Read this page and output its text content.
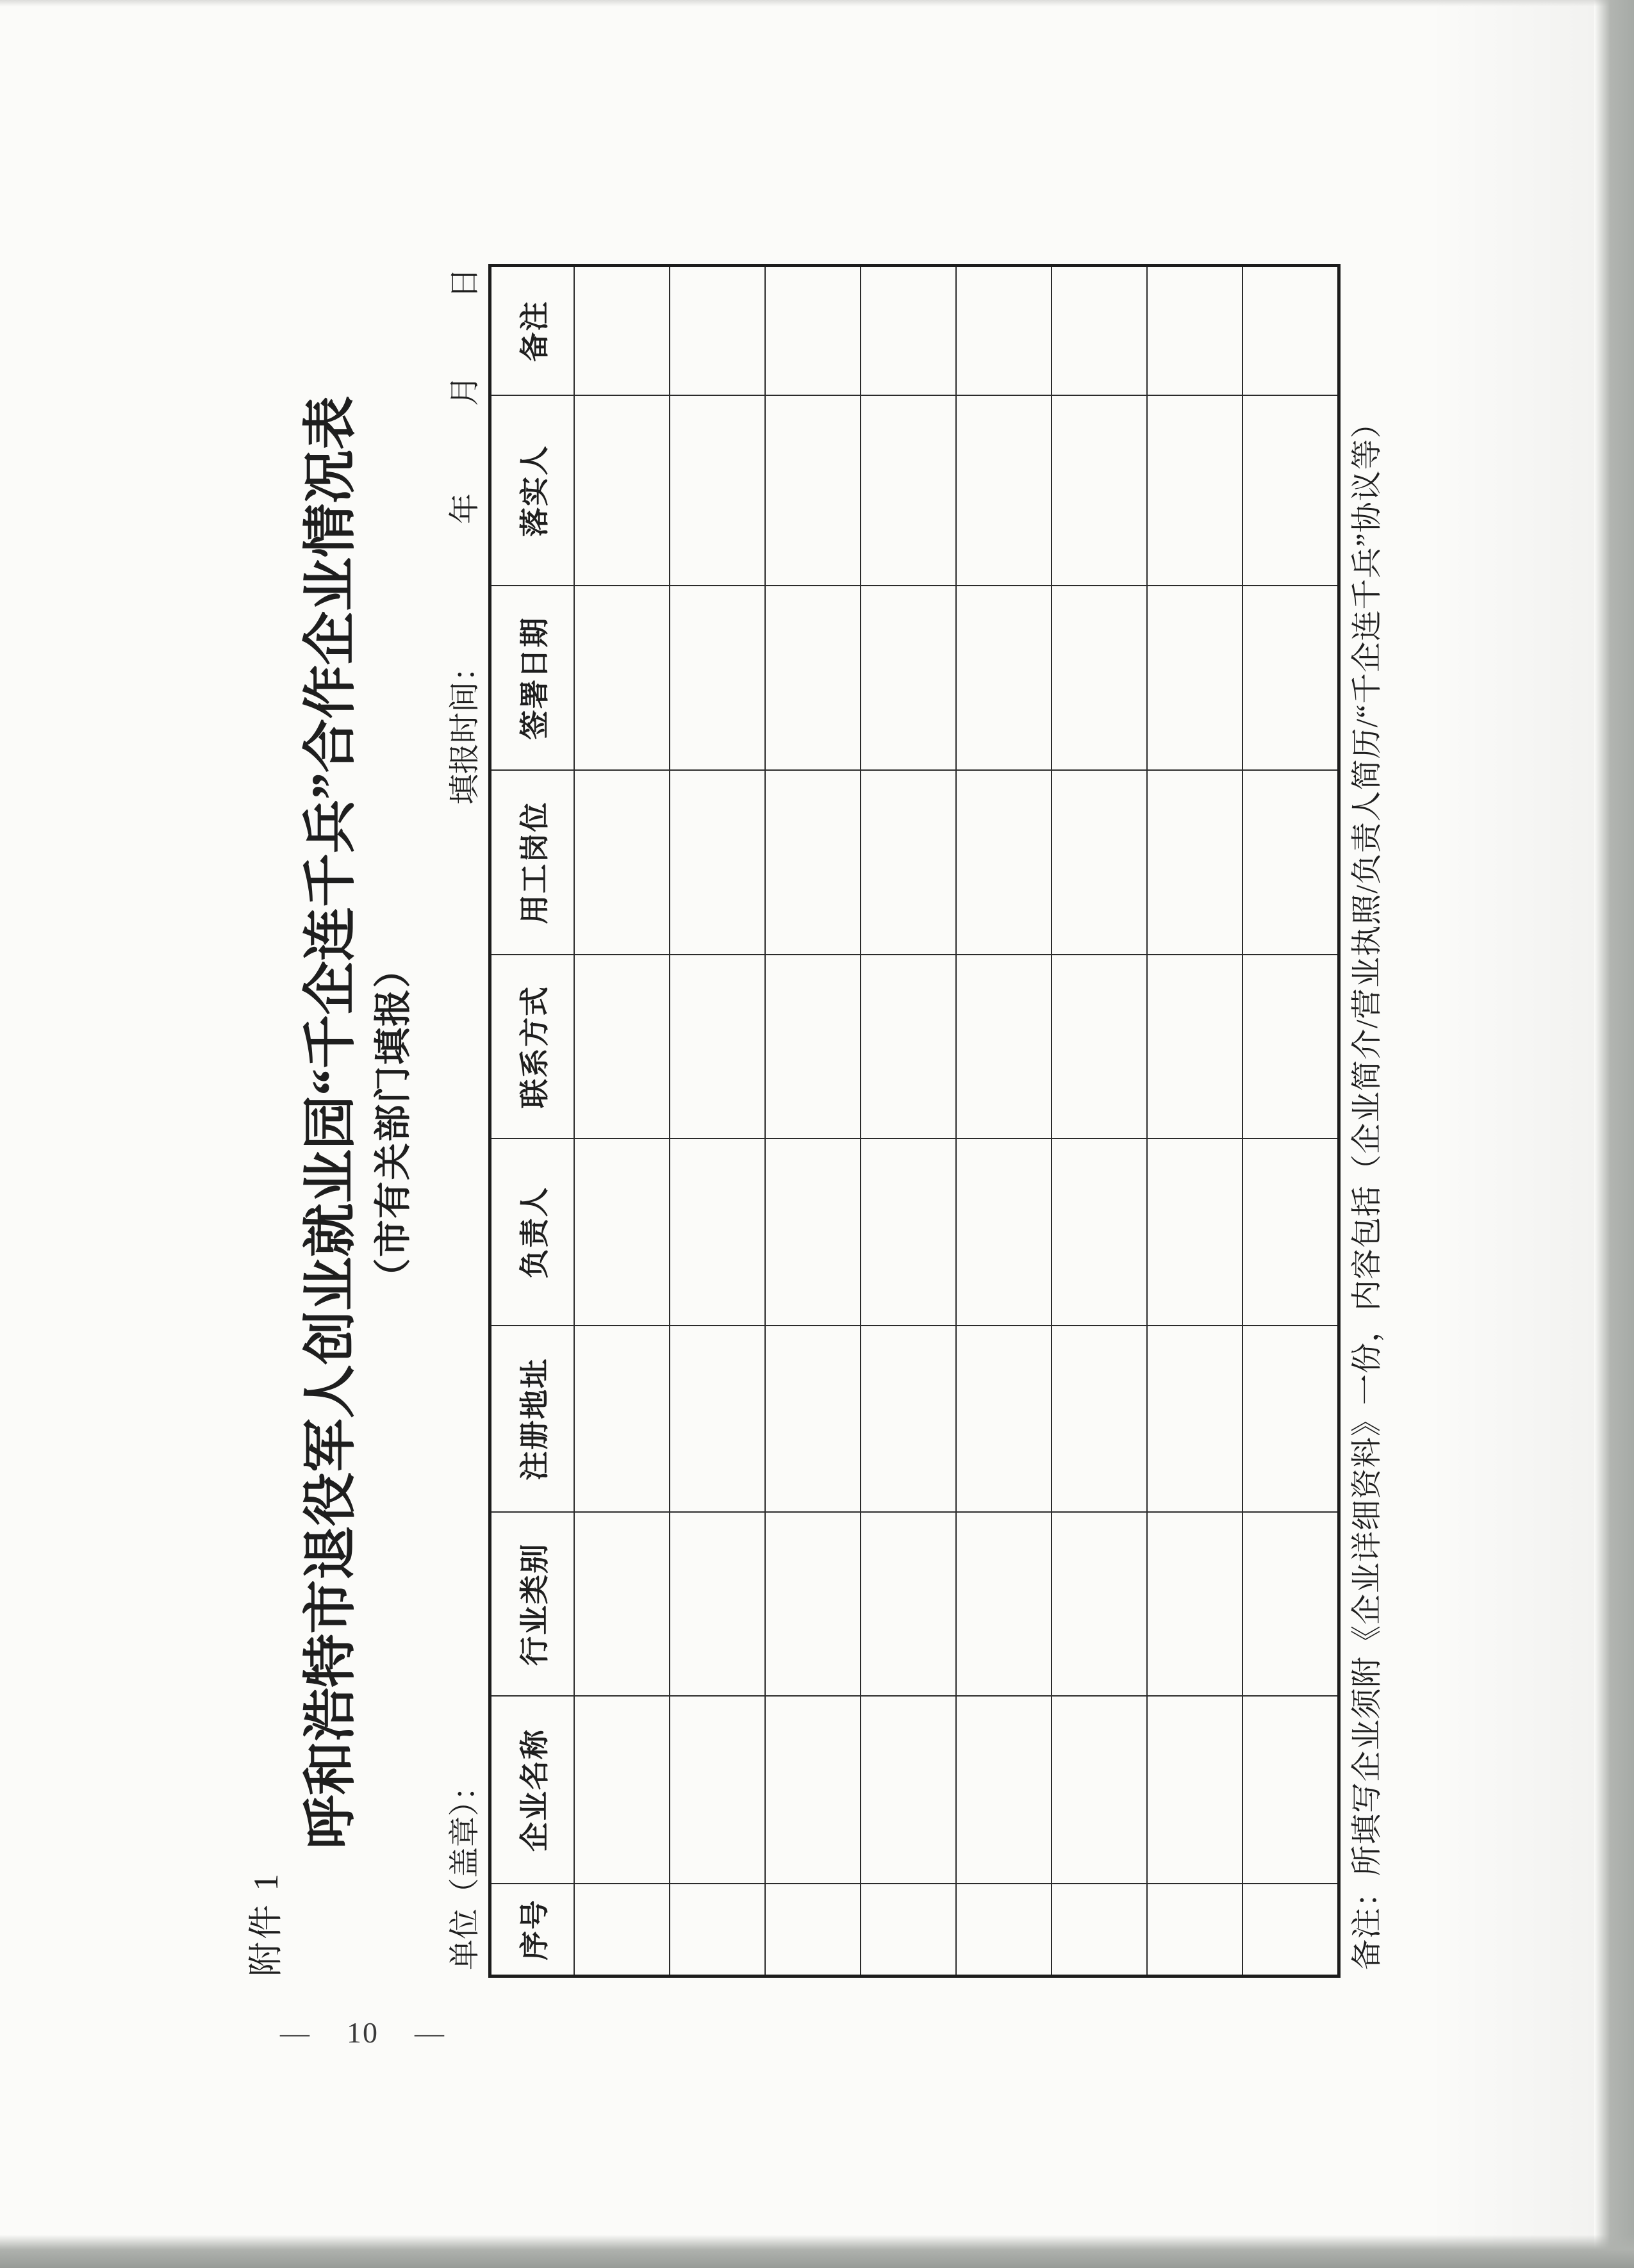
附件 1
呼和浩特市退役军人创业就业园“千企连千兵”合作企业情况表 （市有关部门填报）
单位（盖章）：
填报时间：
年
月
日
序号	企业名称	行业类别	注册地址	负责人	联系方式	用工岗位	签署日期	落实人	备注

备注：所填写企业须附《企业详细资料》一份，内容包括（企业简介/营业执照/负责人简历/“千企连千兵”协议等）
— 10 —
